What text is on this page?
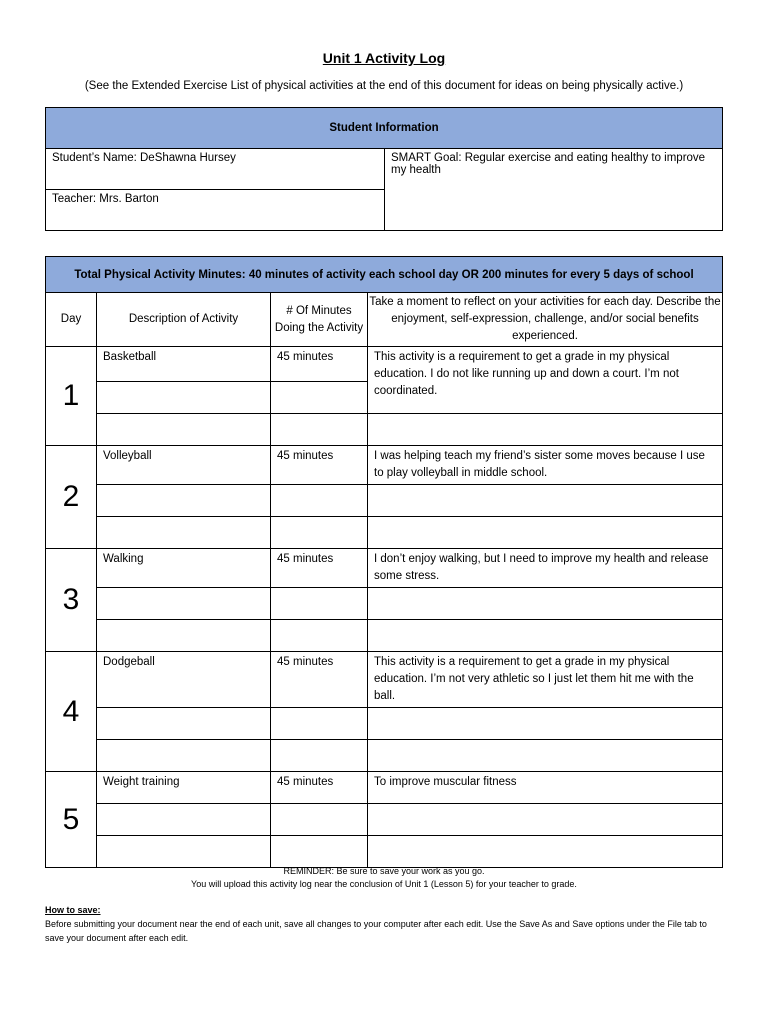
Unit 1 Activity Log
(See the Extended Exercise List of physical activities at the end of this document for ideas on being physically active.)
Student Information
Student’s Name: DeShawna Hursey	SMART Goal: Regular exercise and eating healthy to improve my health
Teacher: Mrs. Barton
Total Physical Activity Minutes: 40 minutes of activity each school day OR 200 minutes for every 5 days of school			
Day	Description of Activity	# Of Minutes Doing the Activity	Take a moment to reflect on your activities for each day. Describe the enjoyment, self-expression, challenge, and/or social benefits experienced.
1	Basketball	45 minutes	This activity is a requirement to get a grade in my physical education. I do not like running up and down a court. I’m not coordinated.

2	Volleyball	45 minutes	I was helping teach my friend’s sister some moves because I use to play volleyball in middle school.

3	Walking	45 minutes	I don’t enjoy walking, but I need to improve my health and release some stress.

4	Dodgeball	45 minutes	This activity is a requirement to get a grade in my physical education. I’m not very athletic so I just let them hit me with the ball.

5	Weight training	45 minutes	To improve muscular fitness

REMINDER: Be sure to save your work as you go.
You will upload this activity log near the conclusion of Unit 1 (Lesson 5) for your teacher to grade.
How to save:
Before submitting your document near the end of each unit, save all changes to your computer after each edit. Use the Save As and Save options under the File tab to save your document after each edit.
